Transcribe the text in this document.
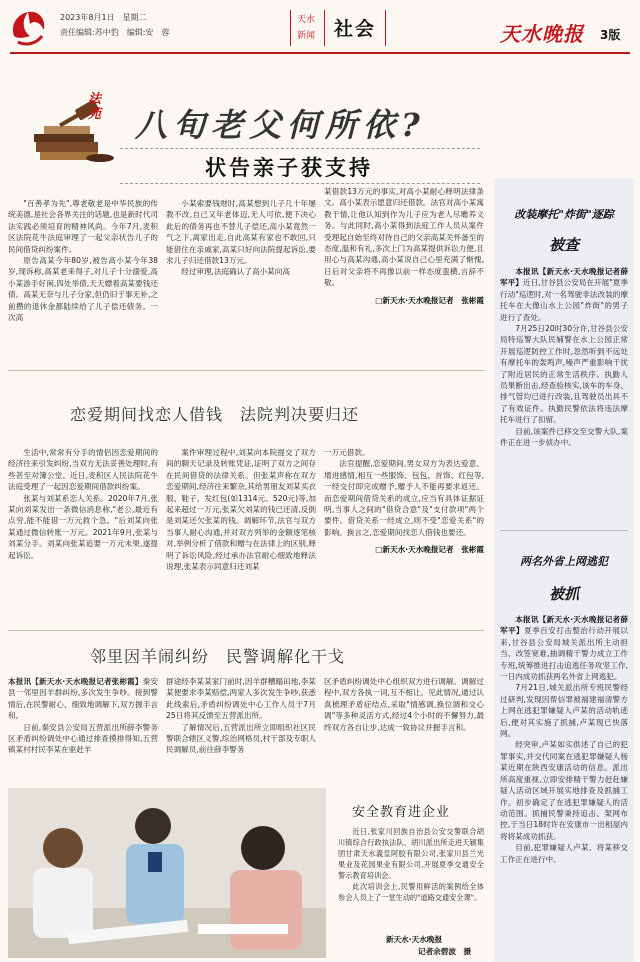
2023年8月1日　星期二
责任编辑:苏中豹　编辑:安　蓉
天水
新闻 社会	天水晚报 3版
法苑 八旬老父何所依?
状告亲子获支持

"百善孝为先",尊老敬老是中华民族的传统美德,是社会各界关注的话题,也是新时代司法实践必须培育的精神风尚。今年7月,麦积区法院花牛法庭审理了一起父亲状告儿子的民间借贷纠纷案件。

原告高某今年80岁,被告高小某今年38岁,现诉称,高某老来得子,对儿子十分溺爱,高小某游手好闲,四处举债,天天嫖着高某要钱还债。高某无奈与儿子分家,但仍旧于事无补,之前攒的退休金都陆续给了儿子偿还债务。一次高

小某索要钱财时,高某想到儿子几十年屡教不改,自己又年老体迈,无人可依,便下决心此后的债务再也不替儿子偿还,高小某竟然一气之下,离家出走,自此高某有家也不敢回,只能借住在亲戚家,高某只好向法院提起诉讼,要求儿子归还借款13万元。

经过审理,法庭确认了高小某向高

某借款13万元的事实,对高小某耐心释明法律条文。高小某表示愿意归还借款。法官对高小某寓教于情,让他认知到作为儿子应为老人尽赡养义务。与此同时,高小某得到法庭工作人员从案件受理起自始至终对待自己的父亲高某关怀备至的态度,温和有礼,多次上门为高某提供诉讼力便,且用心与高某沟通,高小某说自己心里充满了惭愧,日后对父亲将不再像以前一样态度蛮横,言辞不敬。

□新天水·天水晚报记者　张彬霞

恋爱期间找恋人借钱　法院判决要归还

生活中,常常有分手的情侣因恋爱期间的经济往来引发纠纷,当双方无法妥善处理时,有些甚至对簿公堂。近日,麦积区人民法院花牛法庭受理了一起因恋爱期间借款纠纷案。

张某与刘某系恋人关系。2020年7月,张某向刘某发出一条微信消息称,"老公,最近有点穷,能不能借一万元救个急。"后刘某向张某通过微信转账一万元。2021年9月,张某与刘某分手。刘某向张某追要一万元未果,遂提起诉讼。

案件审理过程中,刘某向本院提交了双方间的聊天记录及转账凭证,证明了双方之间存在民间借贷的法律关系。但张某声称在双方恋爱期间,经济往来繁杂,其给男朋友刘某买衣服、鞋子、发红包(如1314元、520元)等,加起来超过一万元,张某欠刘某的钱已还清,反倒是刘某还欠张某的钱。调解环节,法官与双方当事人耐心沟通,并对双方列举的金额逐笔核对,举例分析了借款和赠与在法律上的区别,释明了诉讼风险,经过承办法官耐心细致地释法说理,张某表示同意归还刘某

一万元借款。

法官提醒,恋爱期间,男女双方为表达爱意、增进感情,相互一些服饰、包包、首饰、红包等,一经交付即完成赠予,赠予人不能再要求返还。而恋爱期间借贷关系的成立,应当有具体证据证明,当事人之间的"借贷合意"及"支付款项"两个要件。借贷关系一经成立,则不受"恋爱关系"的影响。换言之,恋爱期间找恋人借钱也要还。

□新天水·天水晚报记者　张彬霞

邻里因羊闹纠纷　民警调解化干戈

本报讯【新天水·天水晚报记者张彬霞】秦安县一邻里因羊群纠纷,多次发生争吵。接到警情后,在民警耐心、细致地调解下,双方握手言和。

日前,秦安县公安局五营派出所薛李警务区矛盾纠纷调处中心通过排查摸排得知,五营镇某村村民李某在驱赶羊

群途经李某某家门前时,因羊群糟蹋田地,李某某便要求李某赔偿,两家人多次发生争吵,获悉此线索后,矛盾纠纷调处中心工作人员于7月25日将其反馈至五营派出所。

了解情况后,五营派出所立即组织社区民警联合辖区义警,综治网格员,村干部及专职人民调解员,前往薛李警务

区矛盾纠纷调处中心组织双方进行调解。调解过程中,双方各执一词,互不相让。见此情况,通过认真梳理矛盾症结点,采取"情感调,换位调和交心调"等多种灵活方式,经过4个小时的不懈努力,最终双方各自让步,达成一致协议并握手言和。

安全教育进企业

近日,张家川回族自治县公安交警联合胡川镇综合行政执法队、胡川派出所走进天颖集团甘肃天水義皇阿胶有限公司,张家川县兰光果业及花园果业有限公司,开展夏季交通安全警示教育培训会。

此次培训会上,民警用鲜活的案例给全体参会人员上了一堂生动的"道路交通安全课"。

新天水·天水晚报
记者余碧波　摄
改装摩托"炸街"逐踪
被查

本报讯【新天水·天水晚报记者薛军平】近日,甘谷县公安局在开展"夏季行动"巡逻时,对一名驾驶非法改装的摩托车在大像山水上公园"炸街"的男子进行了查处。

7月25日20时30分许,甘谷县公安局特巡警大队民辅警在水上公园正常开展巡逻防控工作时,忽然听到不远处有摩托车的轰鸣声,噪声严重影响干扰了附近居民的正常生活秩序。执勤人员果断出击,经查验核实,该车的车身、排气管均已进行改装,且驾驶员出具不了有效证件。执勤民警依法将违法摩托车进行了扣留。

目前,该案件已移交至交警大队,案件正在进一步侦办中。

两名外省上网逃犯
被抓

本报讯【新天水·天水晚报记者薛军平】夏季百安打击整治行动开展以来,甘谷县公安局城关派出所主动担当、改签宽难,抽调精干警力成立工作专班,统筹推进打击追逃任务攻坚工作,一日内成功抓获两名外省上网逃犯。

7月21日,城关派出所专班民警经过研判,发现因帮信罪被福建福清警方上网在逃犯罪嫌疑人卢某的活动轨迹后,便对其实施了抓捕,卢某现已快落网。

经突审,卢某如实供述了自己的犯罪事实,并交代同案在逃犯罪嫌疑人杨某近期在陕西安康活动的信息。派出所高度重视,立即安排精干警力赶赴嫌疑人活动区域开展实地排查及抓捕工作。初步确定了在逃犯罪嫌疑人的活动范围。抓捕民警秉持追击、架网布控,于当日18时许在安康市一出租屋内将将某成功抓获。

目前,犯罪嫌疑人卢某、将某移交工作正在进行中。
